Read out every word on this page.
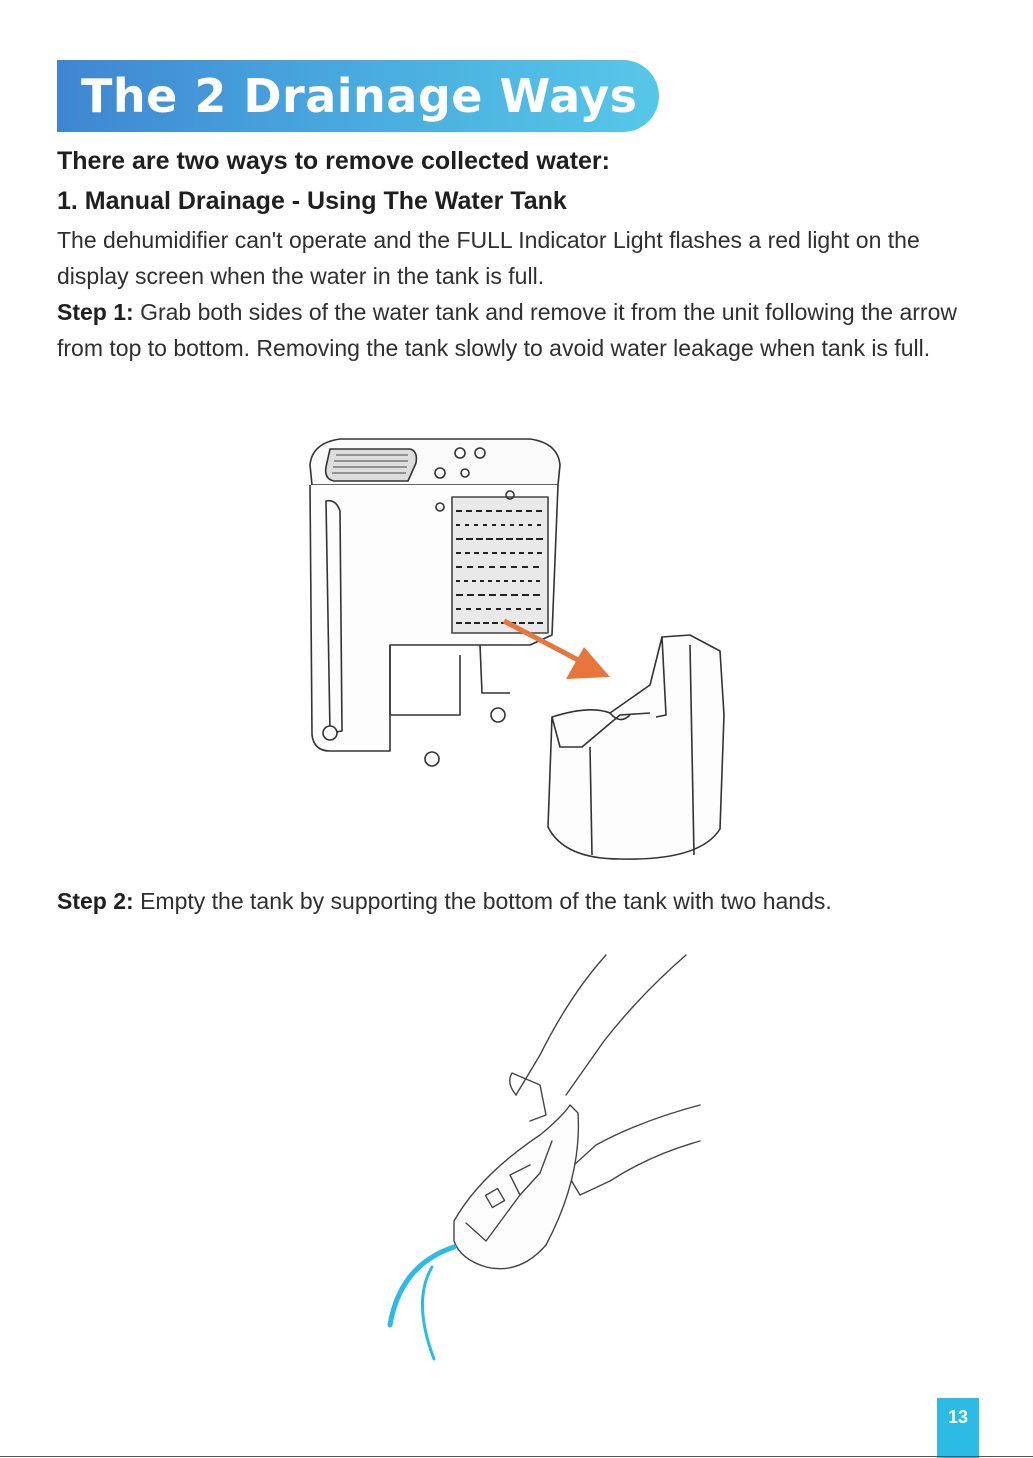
The 2 Drainage Ways
There are two ways to remove collected water:
1. Manual Drainage - Using The Water Tank

The dehumidifier can't operate and the FULL Indicator Light flashes a red light on the display screen when the water in the tank is full.

Step 1: Grab both sides of the water tank and remove it from the unit following the arrow from top to bottom. Removing the tank slowly to avoid water leakage when tank is full.

Step 2: Empty the tank by supporting the bottom of the tank with two hands.
13
